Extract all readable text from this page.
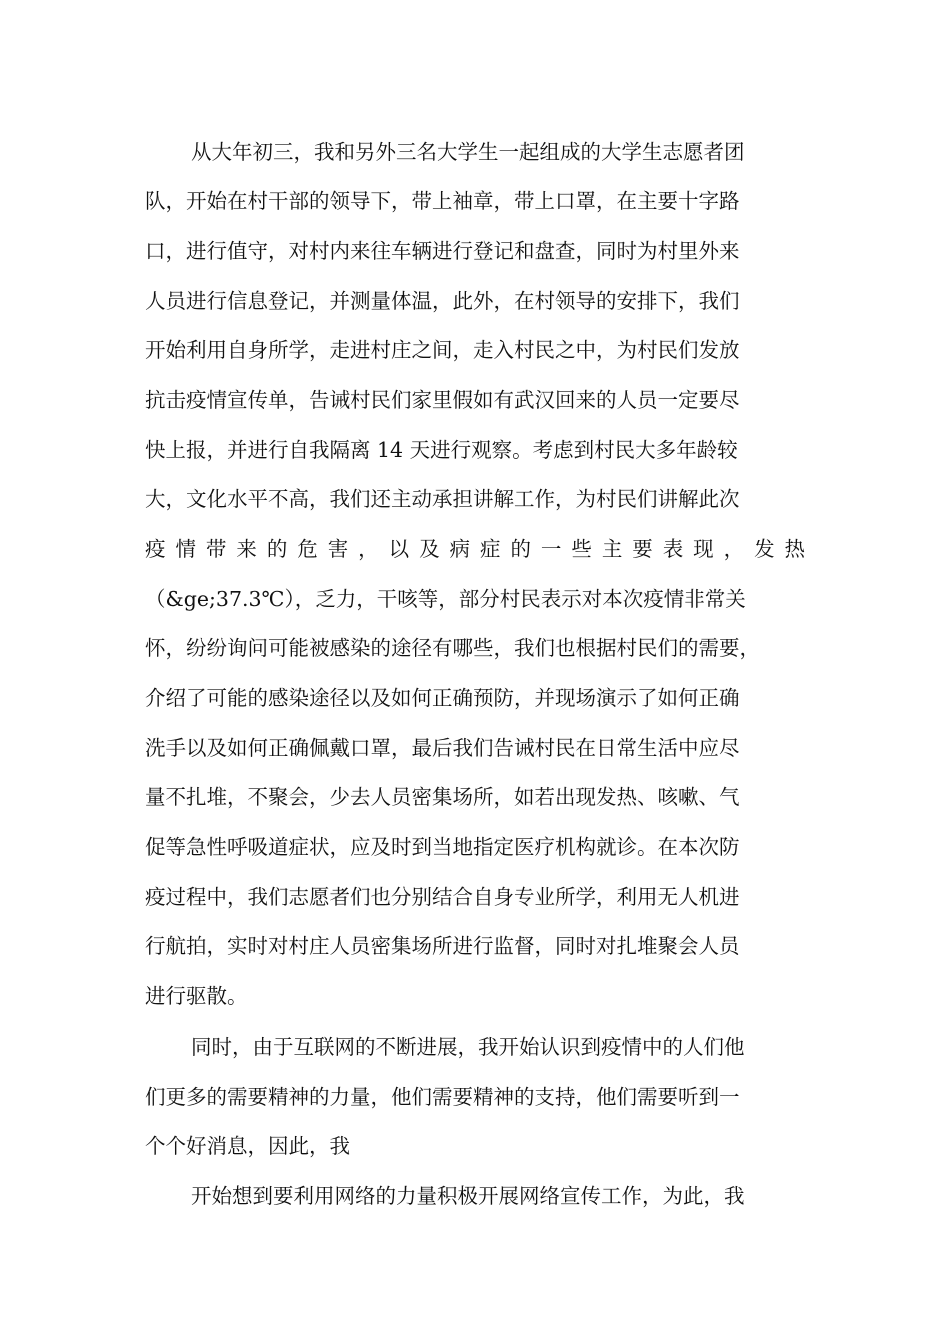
从大年初三，我和另外三名大学生一起组成的大学生志愿者团
队，开始在村干部的领导下，带上袖章，带上口罩，在主要十字路
口，进行值守，对村内来往车辆进行登记和盘查，同时为村里外来
人员进行信息登记，并测量体温，此外，在村领导的安排下，我们
开始利用自身所学，走进村庄之间，走入村民之中，为村民们发放
抗击疫情宣传单，告诫村民们家里假如有武汉回来的人员一定要尽
快上报，并进行自我隔离 14 天进行观察。考虑到村民大多年龄较
大，文化水平不高，我们还主动承担讲解工作，为村民们讲解此次
疫情带来的危害，以及病症的一些主要表现，发热
（&ge;37.3℃），乏力，干咳等，部分村民表示对本次疫情非常关
怀，纷纷询问可能被感染的途径有哪些，我们也根据村民们的需要，
介绍了可能的感染途径以及如何正确预防，并现场演示了如何正确
洗手以及如何正确佩戴口罩，最后我们告诫村民在日常生活中应尽
量不扎堆，不聚会，少去人员密集场所，如若出现发热、咳嗽、气
促等急性呼吸道症状，应及时到当地指定医疗机构就诊。在本次防
疫过程中，我们志愿者们也分别结合自身专业所学，利用无人机进
行航拍，实时对村庄人员密集场所进行监督，同时对扎堆聚会人员
进行驱散。
同时，由于互联网的不断进展，我开始认识到疫情中的人们他
们更多的需要精神的力量，他们需要精神的支持，他们需要听到一
个个好消息，因此，我
开始想到要利用网络的力量积极开展网络宣传工作，为此，我
